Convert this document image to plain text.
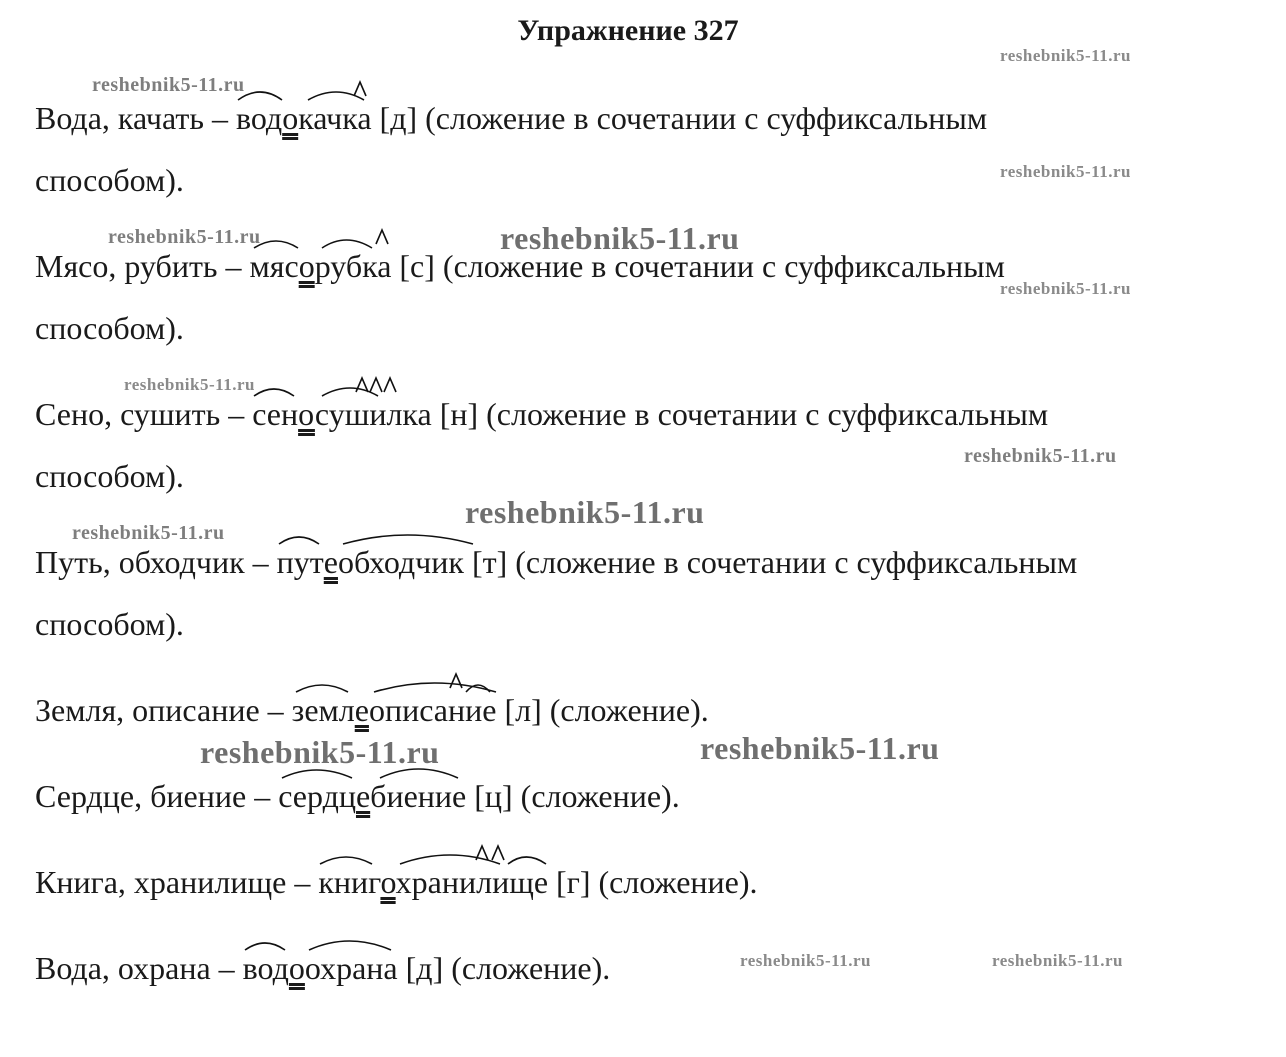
Упражнение 327
Вода, качать –
водокачка [д] (сложение в сочетании с суффиксальным
способом).
Мясо, рубить –
мясорубка [с] (сложение в сочетании с суффиксальным
способом).
Сено, сушить –
сеносушилка [н] (сложение в сочетании с суффиксальным
способом).
Путь, обходчик –
путеобходчик [т] (сложение в сочетании с суффиксальным
способом).
Земля, описание –
землеописание [л] (сложение).
Сердце, биение –
сердцебиение [ц] (сложение).
Книга, хранилище –
книгохранилище [г] (сложение).
Вода, охрана –
водоохрана [д] (сложение).
reshebnik5-11.ru
reshebnik5-11.ru
reshebnik5-11.ru
reshebnik5-11.ru	reshebnik5-11.ru
reshebnik5-11.ru
reshebnik5-11.ru
reshebnik5-11.ru
reshebnik5-11.ru
reshebnik5-11.ru
reshebnik5-11.ru	reshebnik5-11.ru
reshebnik5-11.ru	reshebnik5-11.ru
